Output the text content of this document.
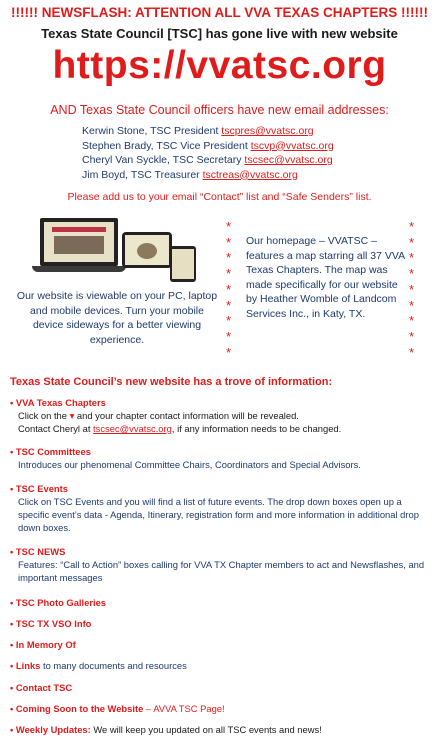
!!!!!! NEWSFLASH: ATTENTION ALL VVA TEXAS CHAPTERS !!!!!!
Texas State Council [TSC] has gone live with new website
https://vvatsc.org
AND Texas State Council officers have new email addresses:
Kerwin Stone, TSC President tscpres@vvatsc.org
Stephen Brady, TSC Vice President tscvp@vvatsc.org
Cheryl Van Syckle, TSC Secretary tscsec@vvatsc.org
Jim Boyd, TSC Treasurer tsctreas@vvatsc.org
Please add us to your email “Contact” list and “Safe Senders” list.
Our website is viewable on your PC, laptop and mobile devices. Turn your mobile device sideways for a better viewing experience.
*
*
*
*
*
*
*
*
*
Our homepage – VVATSC – features a map starring all 37 VVA Texas Chapters. The map was made specifically for our website by Heather Womble of Landcom Services Inc., in Katy, TX.
*
*
*
*
*
*
*
*
*
Texas State Council’s new website has a trove of information:
• VVA Texas Chapters
Click on the ▾ and your chapter contact information will be revealed.
Contact Cheryl at tscsec@vvatsc.org, if any information needs to be changed.
• TSC Committees
Introduces our phenomenal Committee Chairs, Coordinators and Special Advisors.
• TSC Events
Click on TSC Events and you will find a list of future events. The drop down boxes open up a specific event’s data - Agenda, Itinerary, registration form and more information in additional drop down boxes.
• TSC NEWS
Features: “Call to Action” boxes calling for VVA TX Chapter members to act and Newsflashes, and important messages
• TSC Photo Galleries
• TSC TX VSO Info
• In Memory Of
• Links to many documents and resources
• Contact TSC
• Coming Soon to the Website – AVVA TSC Page!
• Weekly Updates: We will keep you updated on all TSC events and news!
